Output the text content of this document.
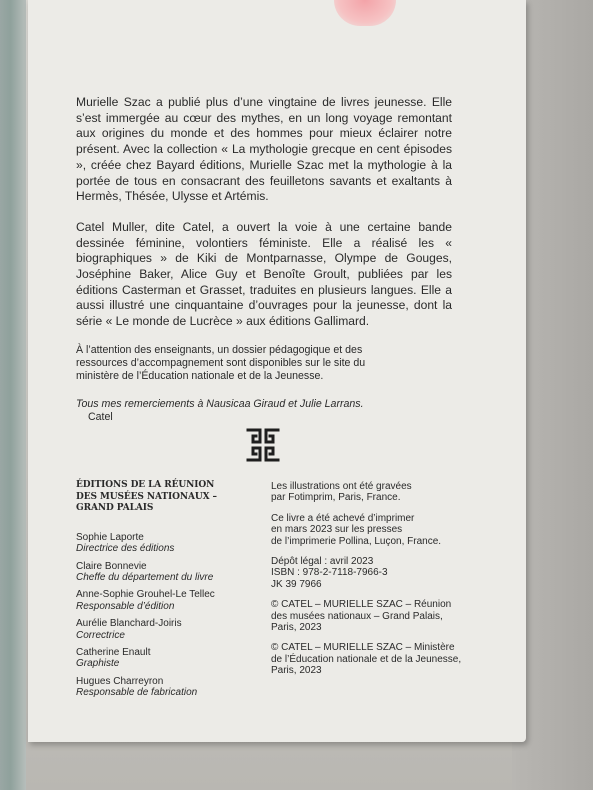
Murielle Szac a publié plus d’une vingtaine de livres jeunesse. Elle s’est immergée au cœur des mythes, en un long voyage remontant aux origines du monde et des hommes pour mieux éclairer notre présent. Avec la collection « La mythologie grecque en cent épisodes », créée chez Bayard éditions, Murielle Szac met la mythologie à la portée de tous en consacrant des feuilletons savants et exaltants à Hermès, Thésée, Ulysse et Artémis.

Catel Muller, dite Catel, a ouvert la voie à une certaine bande dessinée féminine, volontiers féministe. Elle a réalisé les « biographiques » de Kiki de Montparnasse, Olympe de Gouges, Joséphine Baker, Alice Guy et Benoîte Groult, publiées par les éditions Casterman et Grasset, traduites en plusieurs langues. Elle a aussi illustré une cinquantaine d’ouvrages pour la jeunesse, dont la série « Le monde de Lucrèce » aux éditions Gallimard.

À l’attention des enseignants, un dossier pédagogique et des ressources d’accompagnement sont disponibles sur le site du ministère de l’Éducation nationale et de la Jeunesse.

Tous mes remerciements à Nausicaa Giraud et Julie Larrans.

Catel

ÉDITIONS DE LA RÉUNION
DES MUSÉES NATIONAUX –
GRAND PALAIS
Sophie Laporte
Directrice des éditions
Claire Bonnevie
Cheffe du département du livre
Anne-Sophie Grouhel-Le Tellec
Responsable d’édition
Aurélie Blanchard-Joiris
Correctrice
Catherine Enault
Graphiste
Hugues Charreyron
Responsable de fabrication
Les illustrations ont été gravées
par Fotimprim, Paris, France.
Ce livre a été achevé d’imprimer
en mars 2023 sur les presses
de l’imprimerie Pollina, Luçon, France.
Dépôt légal : avril 2023
ISBN : 978-2-7118-7966-3
JK 39 7966
© CATEL – MURIELLE SZAC – Réunion
des musées nationaux – Grand Palais,
Paris, 2023
© CATEL – MURIELLE SZAC – Ministère
de l’Éducation nationale et de la Jeunesse,
Paris, 2023
